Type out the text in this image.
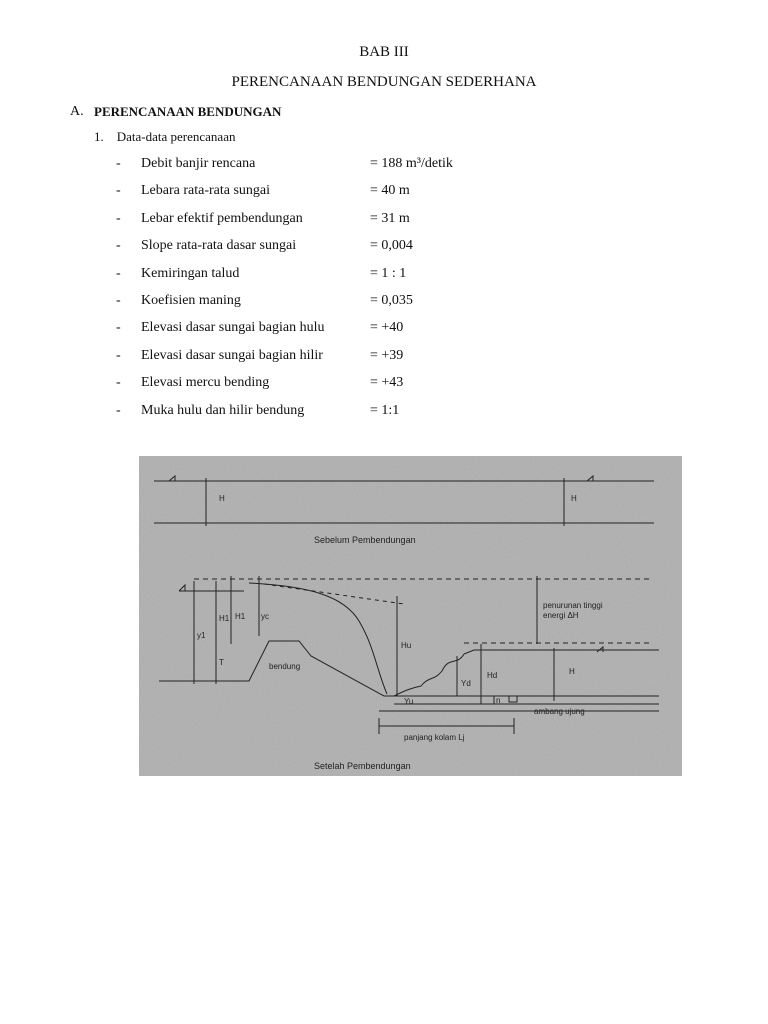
BAB III
PERENCANAAN BENDUNGAN SEDERHANA
A. PERENCANAAN BENDUNGAN
1.    Data-data perencanaan
- Debit banjir rencana	= 188 m³/detik
- Lebara rata-rata sungai	= 40 m
- Lebar efektif pembendungan	= 31 m
- Slope rata-rata dasar sungai	= 0,004
- Kemiringan talud	= 1 : 1
- Koefisien maning	= 0,035
- Elevasi dasar sungai bagian hulu	= +40
- Elevasi dasar sungai bagian hilir	= +39
- Elevasi mercu bending	= +43
- Muka hulu dan hilir bendung	= 1:1
H	H
Sebelum Pembendungan
H1 H1 yc
y1
T	bendung
Hu
Yu
Yd
Hd
n
H
penurunan tinggi
energi ΔH
ambang ujung
panjang kolam Lj
Setelah Pembendungan
